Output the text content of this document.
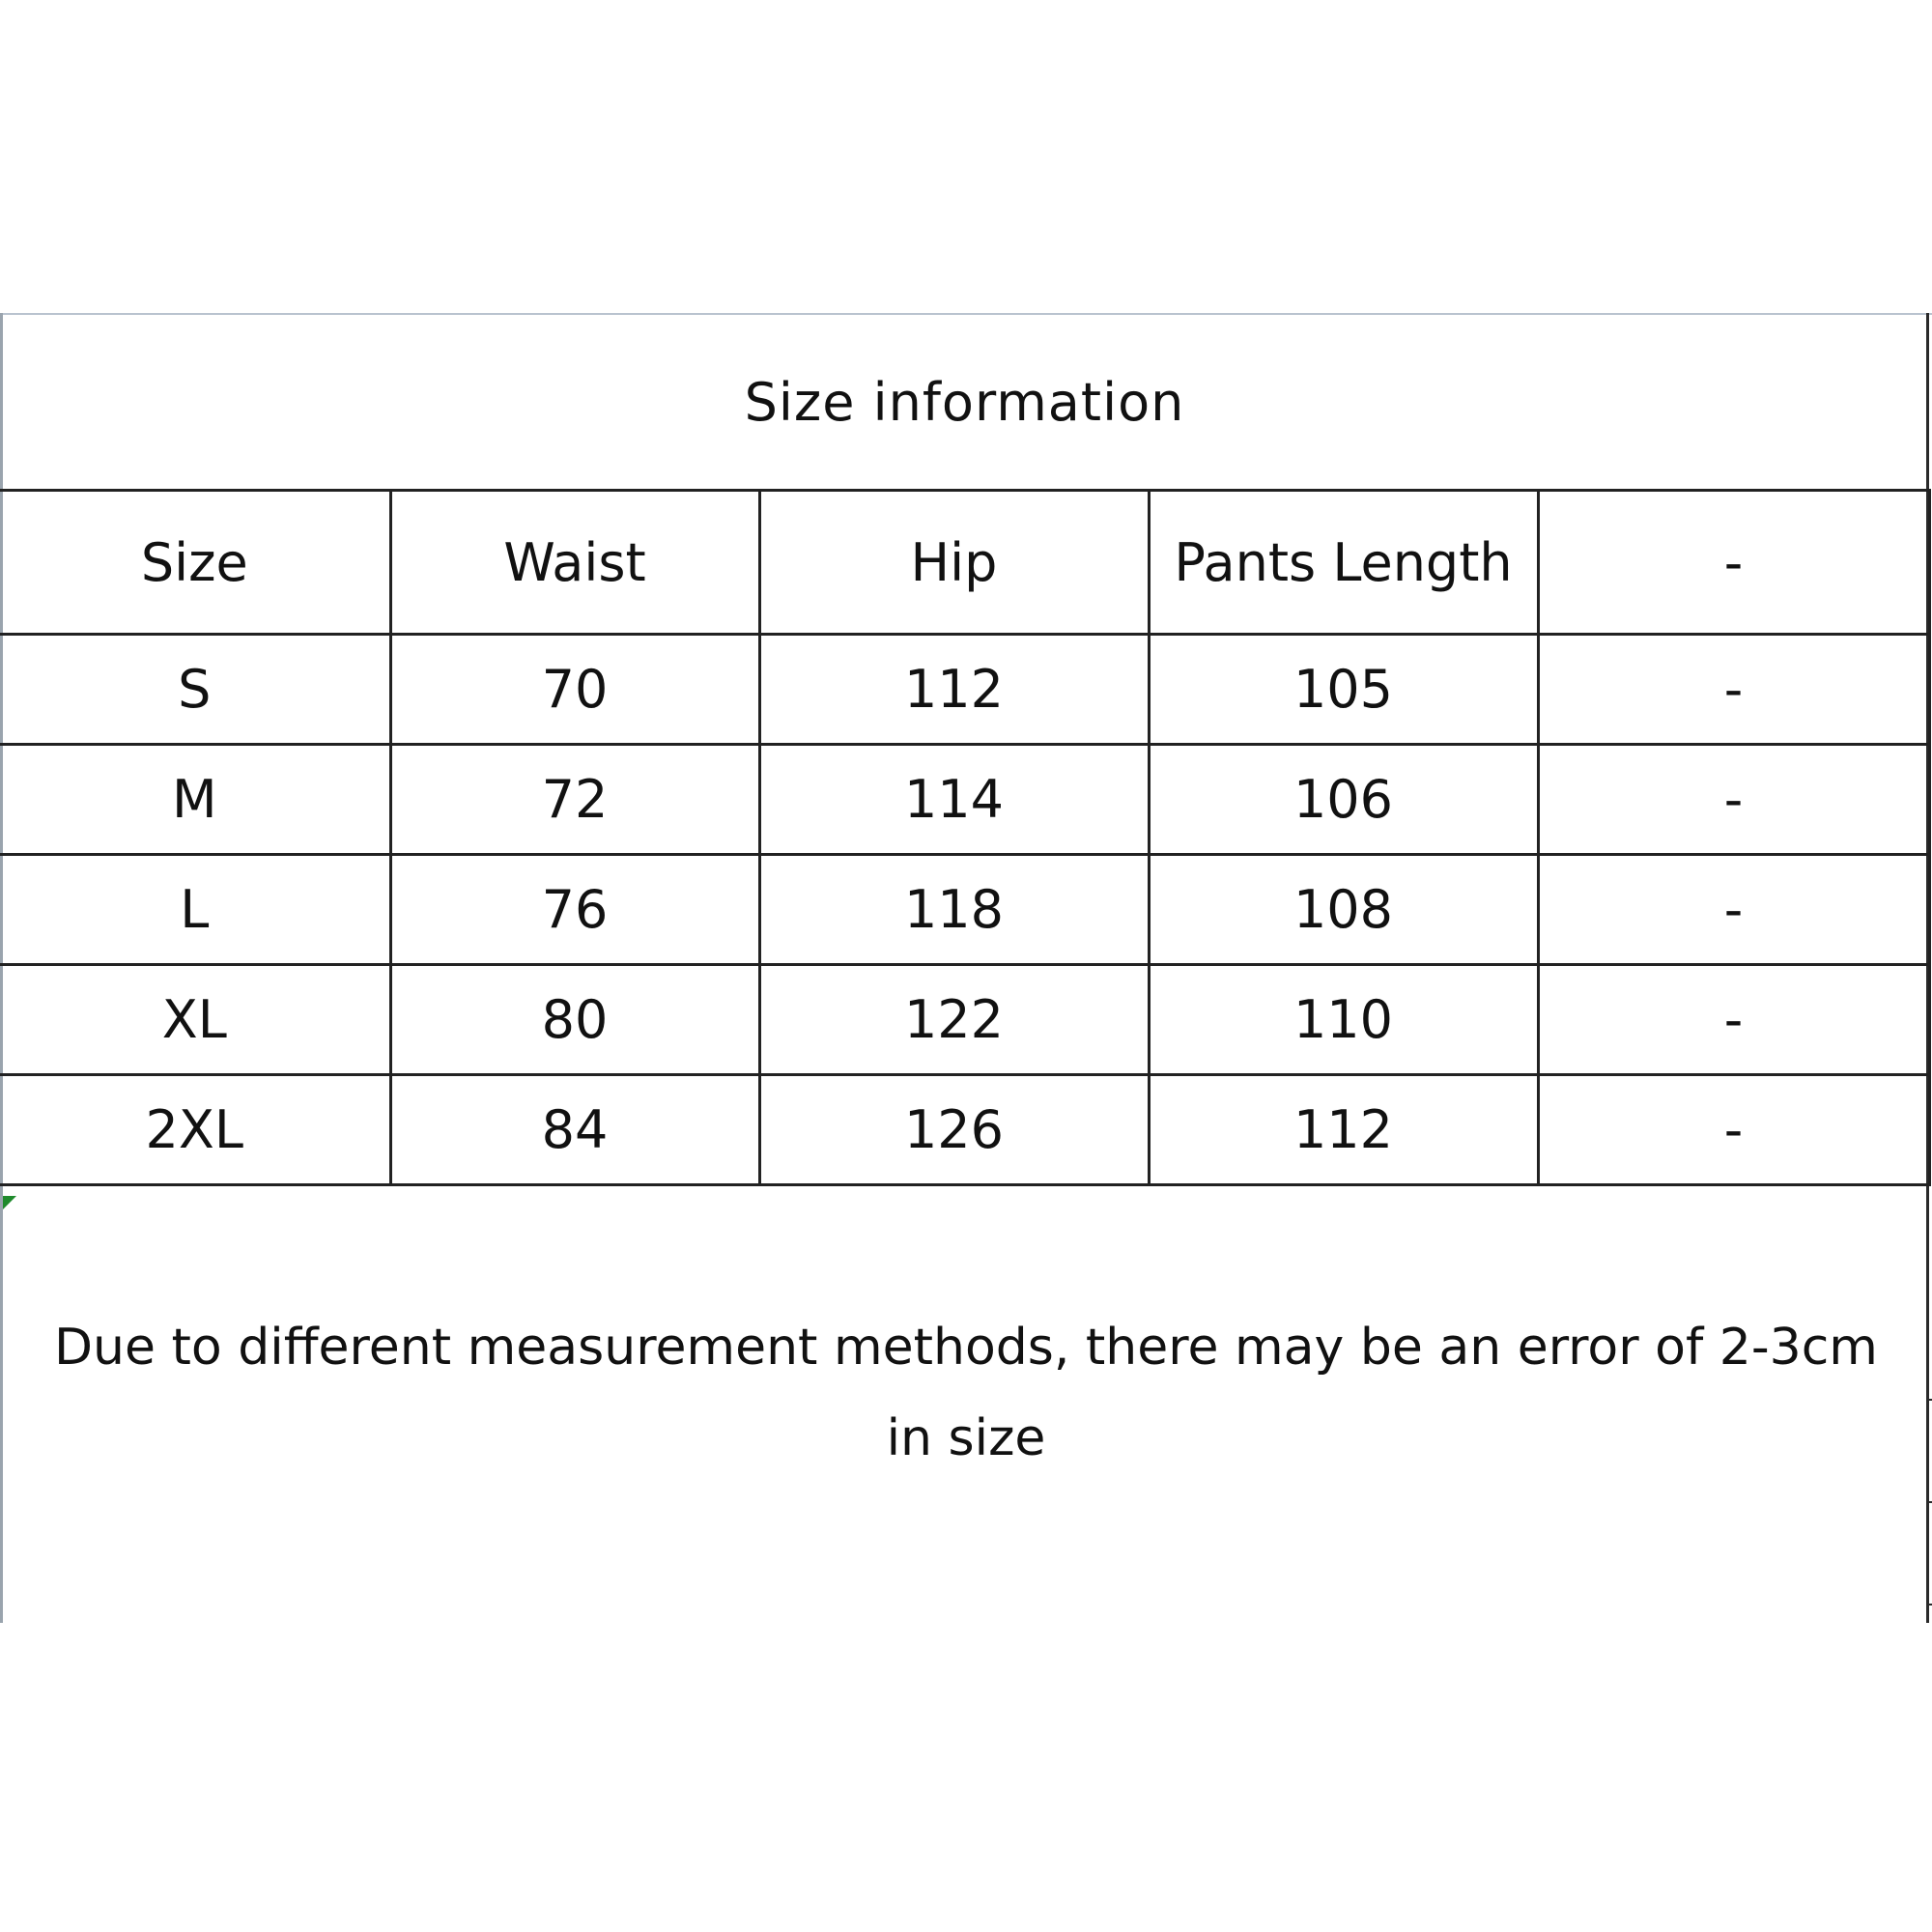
Size information
Size	Waist	Hip	Pants Length	-
S	70	112	105	-
M	72	114	106	-
L	76	118	108	-
XL	80	122	110	-
2XL	84	126	112	-
Due to different measurement methods, there may be an error of 2-3cm in size
